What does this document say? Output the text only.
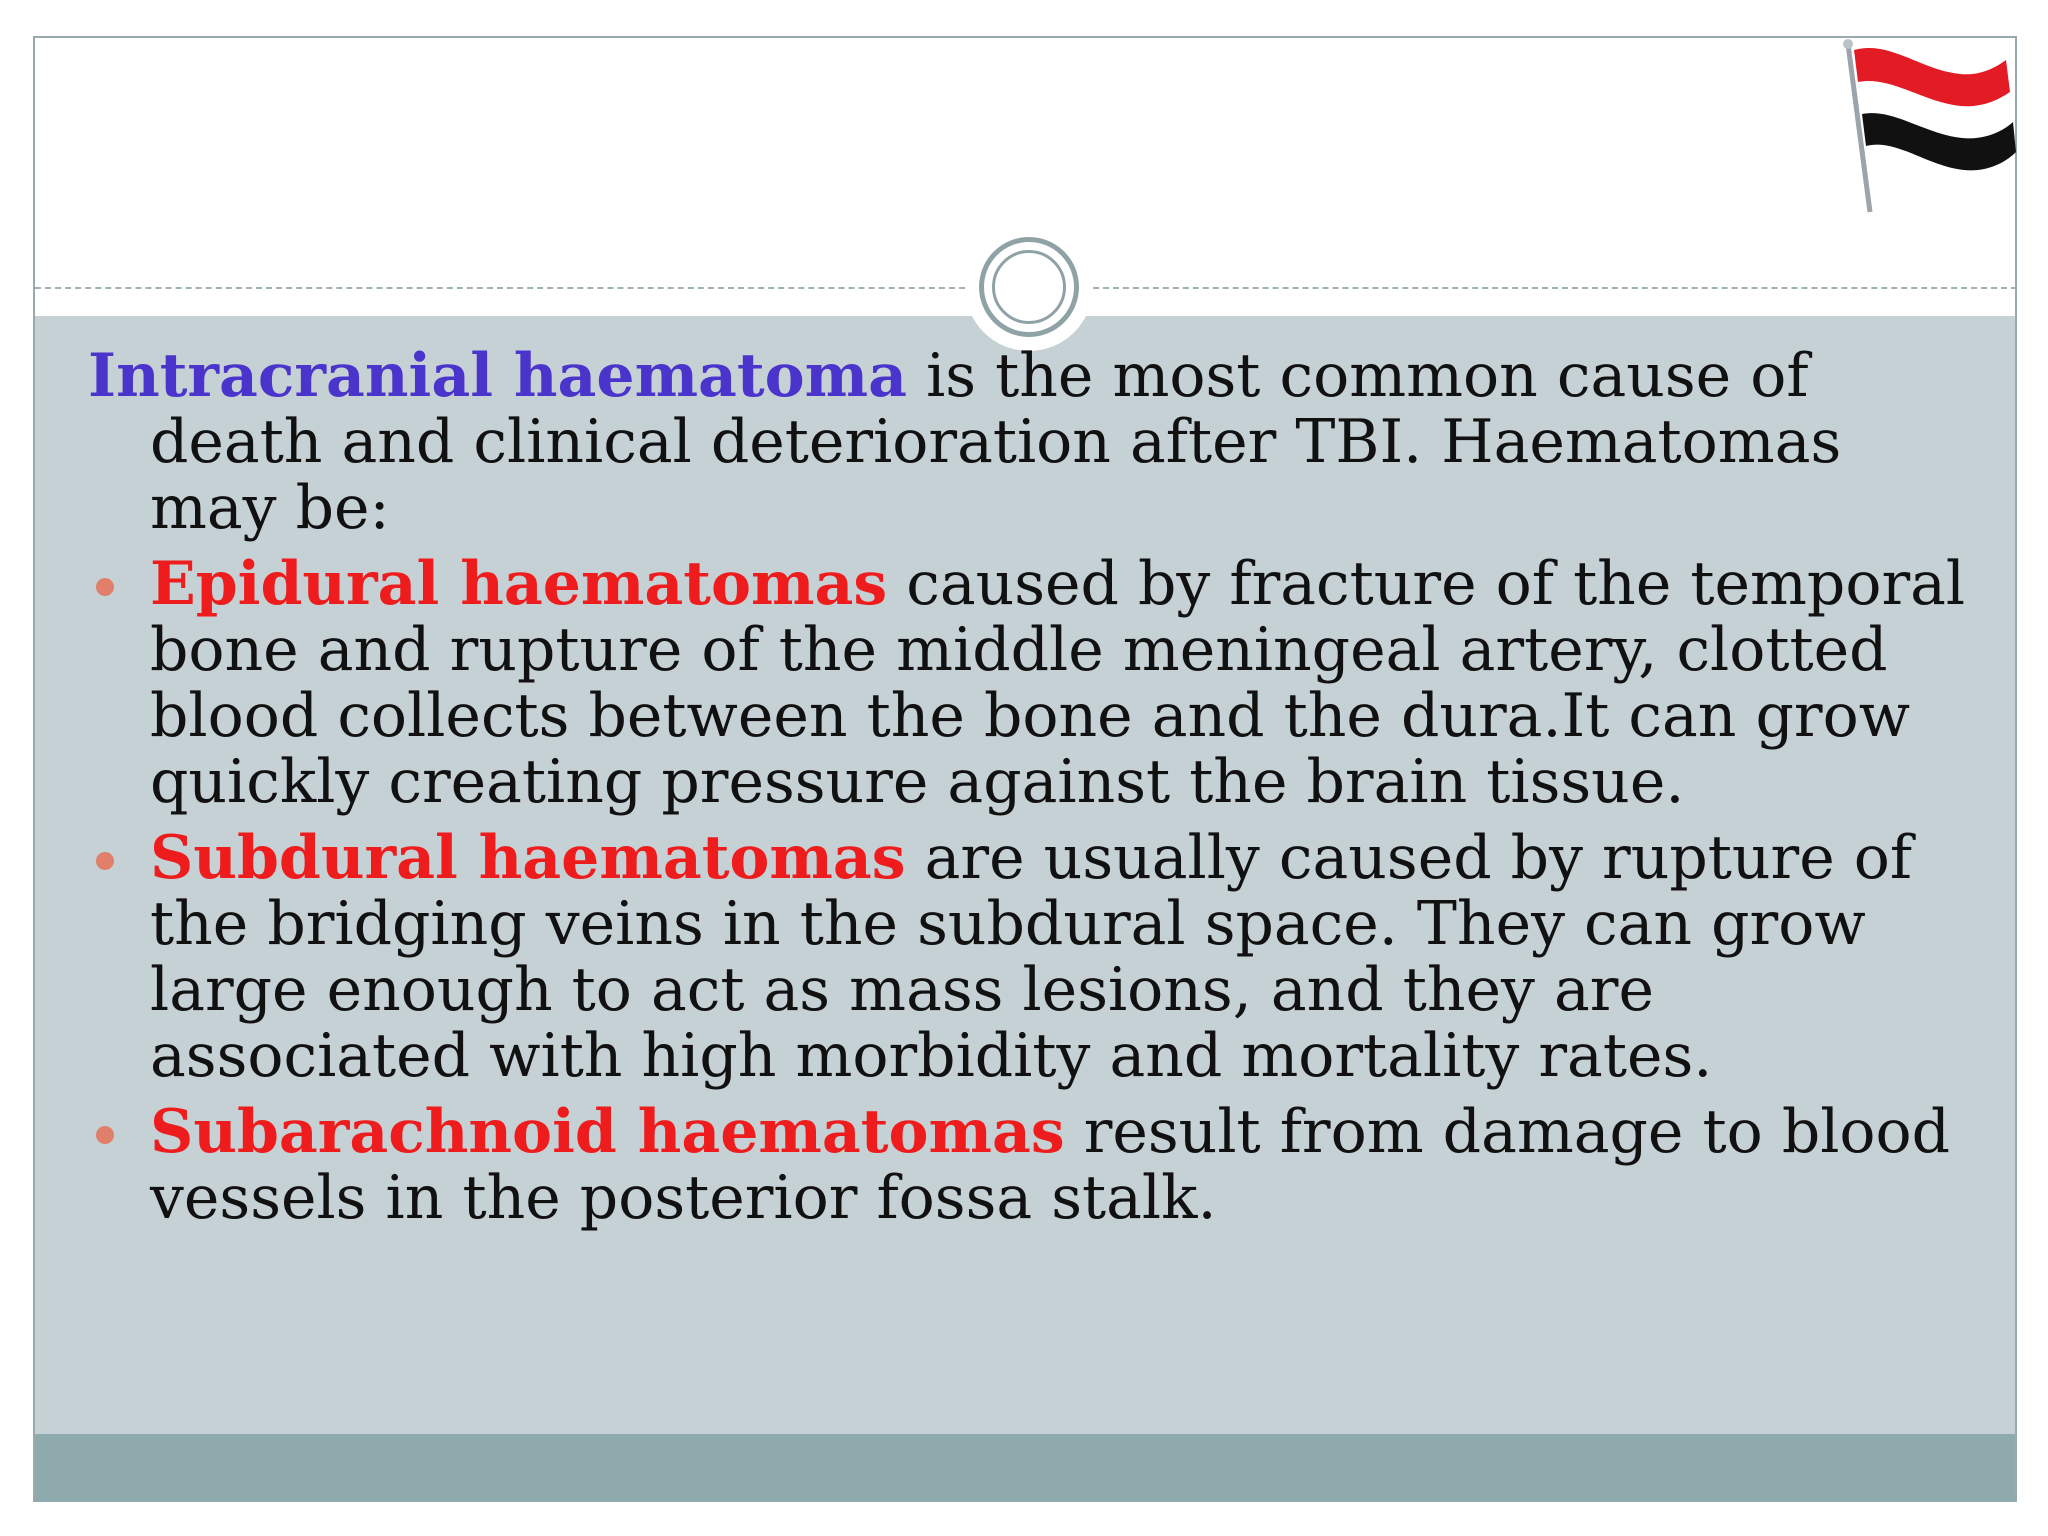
Intracranial haematoma is the most common cause of death and clinical deterioration after TBI. Haematomas may be:

Epidural haematomas caused by fracture of the temporal bone and rupture of the middle meningeal artery, clotted blood collects between the bone and the dura.It can grow quickly creating pressure against the brain tissue.
Subdural haematomas are usually caused by rupture of the bridging veins in the subdural space. They can grow large enough to act as mass lesions, and they are associated with high morbidity and mortality rates.
Subarachnoid haematomas result from damage to blood vessels in the posterior fossa stalk.
